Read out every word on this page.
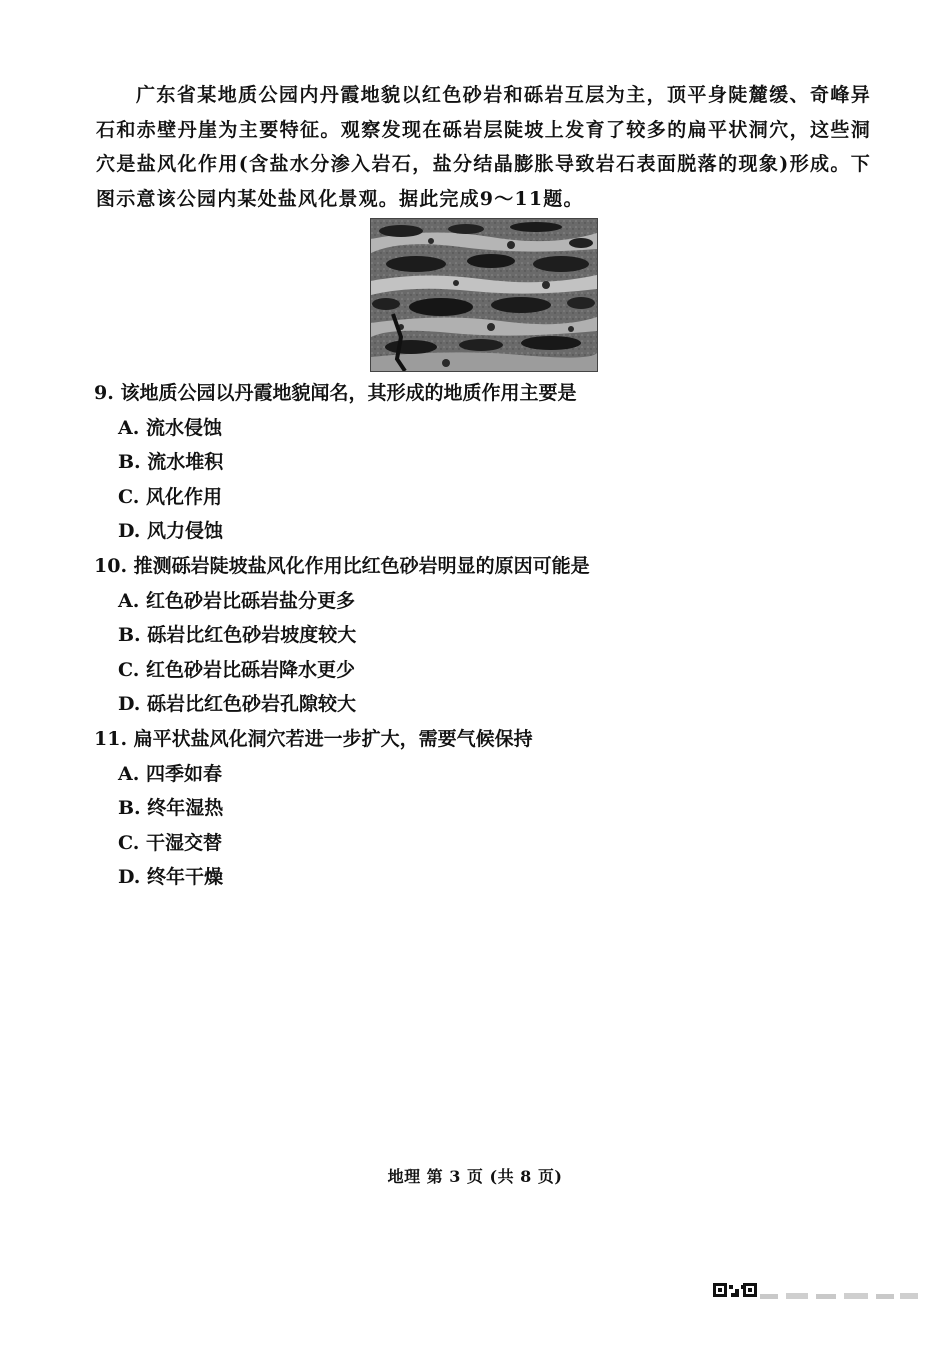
广东省某地质公园内丹霞地貌以红色砂岩和砾岩互层为主，顶平身陡麓缓、奇峰异石和赤壁丹崖为主要特征。观察发现在砾岩层陡坡上发育了较多的扁平状洞穴，这些洞穴是盐风化作用(含盐水分渗入岩石，盐分结晶膨胀导致岩石表面脱落的现象)形成。下图示意该公园内某处盐风化景观。据此完成9～11题。
9. 该地质公园以丹霞地貌闻名，其形成的地质作用主要是
A. 流水侵蚀
B. 流水堆积
C. 风化作用
D. 风力侵蚀
10. 推测砾岩陡坡盐风化作用比红色砂岩明显的原因可能是
A. 红色砂岩比砾岩盐分更多
B. 砾岩比红色砂岩坡度较大
C. 红色砂岩比砾岩降水更少
D. 砾岩比红色砂岩孔隙较大
11. 扁平状盐风化洞穴若进一步扩大，需要气候保持
A. 四季如春
B. 终年湿热
C. 干湿交替
D. 终年干燥
地理 第 3 页 (共 8 页)
